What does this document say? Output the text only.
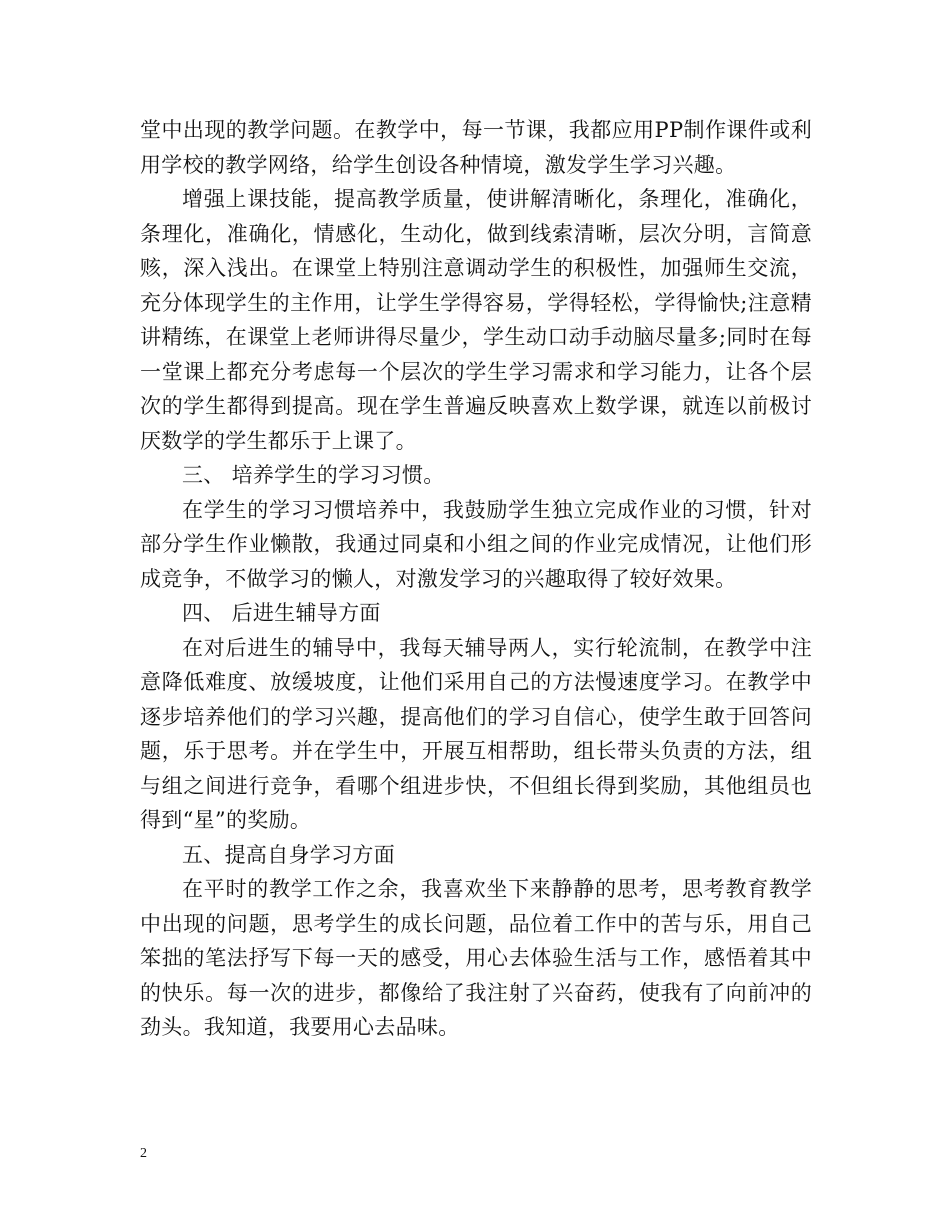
堂中出现的教学问题。在教学中，每一节课，我都应用PP制作课件或利用学校的教学网络，给学生创设各种情境，激发学生学习兴趣。

增强上课技能，提高教学质量，使讲解清晰化，条理化，准确化，条理化，准确化，情感化，生动化，做到线索清晰，层次分明，言简意赅，深入浅出。在课堂上特别注意调动学生的积极性，加强师生交流，充分体现学生的主作用，让学生学得容易，学得轻松，学得愉快;注意精讲精练，在课堂上老师讲得尽量少，学生动口动手动脑尽量多;同时在每一堂课上都充分考虑每一个层次的学生学习需求和学习能力，让各个层次的学生都得到提高。现在学生普遍反映喜欢上数学课，就连以前极讨厌数学的学生都乐于上课了。

三、 培养学生的学习习惯。

在学生的学习习惯培养中，我鼓励学生独立完成作业的习惯，针对部分学生作业懒散，我通过同桌和小组之间的作业完成情况，让他们形成竞争，不做学习的懒人，对激发学习的兴趣取得了较好效果。

四、 后进生辅导方面

在对后进生的辅导中，我每天辅导两人，实行轮流制，在教学中注意降低难度、放缓坡度，让他们采用自己的方法慢速度学习。在教学中逐步培养他们的学习兴趣，提高他们的学习自信心，使学生敢于回答问题，乐于思考。并在学生中，开展互相帮助，组长带头负责的方法，组与组之间进行竞争，看哪个组进步快，不但组长得到奖励，其他组员也得到“星”的奖励。

五、提高自身学习方面

在平时的教学工作之余，我喜欢坐下来静静的思考，思考教育教学中出现的问题，思考学生的成长问题，品位着工作中的苦与乐，用自己笨拙的笔法抒写下每一天的感受，用心去体验生活与工作，感悟着其中的快乐。每一次的进步，都像给了我注射了兴奋药，使我有了向前冲的劲头。我知道，我要用心去品味。

2
